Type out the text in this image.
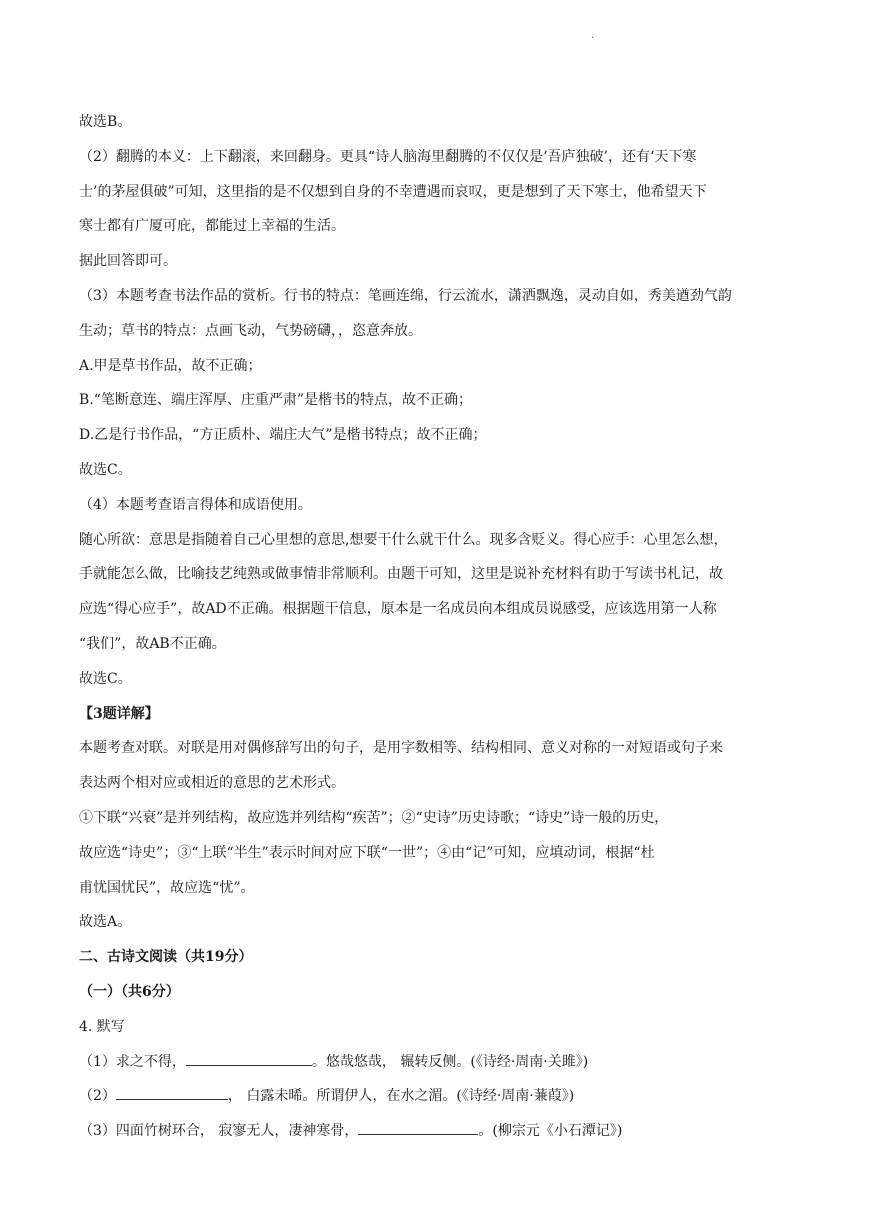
.

故选B。

（2）翻腾的本义：上下翻滚，来回翻身。更具“诗人脑海里翻腾的不仅仅是‘吾庐独破’，还有‘天下寒

士’的茅屋俱破”可知，这里指的是不仅想到自身的不幸遭遇而哀叹，更是想到了天下寒士，他希望天下

寒士都有广厦可庇，都能过上幸福的生活。

据此回答即可。

（3）本题考查书法作品的赏析。行书的特点：笔画连绵，行云流水，潇洒飘逸，灵动自如，秀美遒劲气韵

生动；草书的特点：点画飞动，气势磅礴，，恣意奔放。

A.甲是草书作品，故不正确；

B.“笔断意连、端庄浑厚、庄重严肃”是楷书的特点，故不正确；

D.乙是行书作品，“方正质朴、端庄大气”是楷书特点；故不正确；

故选C。

（4）本题考查语言得体和成语使用。

随心所欲：意思是指随着自己心里想的意思,想要干什么就干什么。现多含贬义。得心应手：心里怎么想，

手就能怎么做，比喻技艺纯熟或做事情非常顺利。由题干可知，这里是说补充材料有助于写读书札记，故

应选“得心应手”，故AD不正确。根据题干信息，原本是一名成员向本组成员说感受，应该选用第一人称

“我们”，故AB不正确。

故选C。

【3题详解】

本题考查对联。对联是用对偶修辞写出的句子，是用字数相等、结构相同、意义对称的一对短语或句子来

表达两个相对应或相近的意思的艺术形式。

①下联“兴衰”是并列结构，故应选并列结构“疾苦”；②“史诗”历史诗歌；“诗史”诗一般的历史，

故应选“诗史”；③“上联“半生”表示时间对应下联“一世”；④由“记”可知，应填动词，根据“杜

甫忧国忧民”，故应选“忧”。

故选A。

二、古诗文阅读（共19分）

（一）（共6分）

4. 默写

（1）求之不得，	。悠哉悠哉， 辗转反侧。(《诗经·周南·关雎》)

（2）	， 白露未晞。所谓伊人，在水之湄。(《诗经·周南·蒹葭》)

（3）四面竹树环合， 寂寥无人，凄神寒骨，	。(柳宗元《小石潭记》)
